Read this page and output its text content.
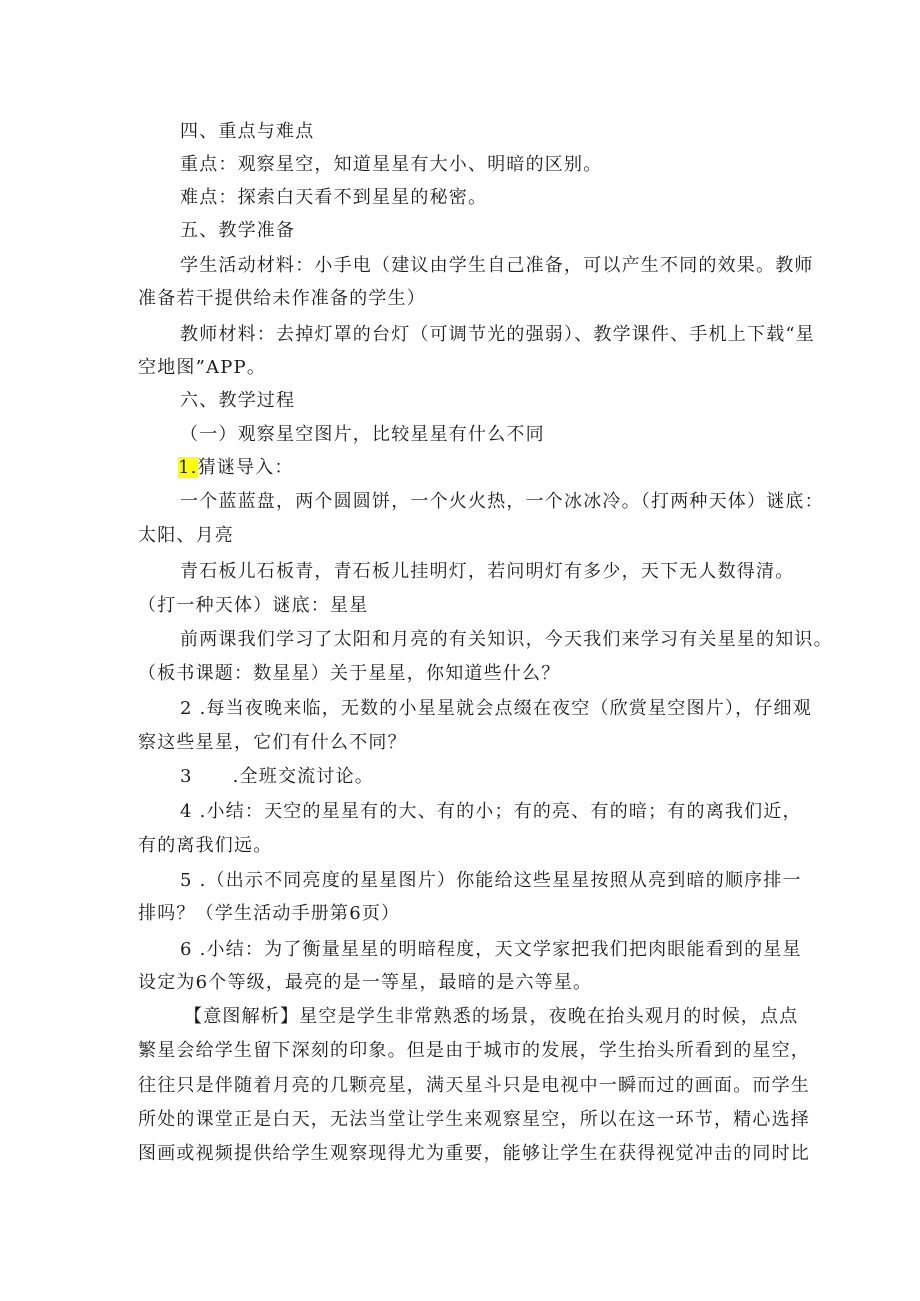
四、重点与难点
重点：观察星空，知道星星有大小、明暗的区别。
难点：探索白天看不到星星的秘密。
五、教学准备
学生活动材料：小手电（建议由学生自己准备，可以产生不同的效果。教师
准备若干提供给未作准备的学生）
教师材料：去掉灯罩的台灯（可调节光的强弱）、教学课件、手机上下载“星
空地图”APP。
六、教学过程
（一）观察星空图片，比较星星有什么不同
1.猜谜导入：
一个蓝蓝盘，两个圆圆饼，一个火火热，一个冰冰冷。（打两种天体）谜底：
太阳、月亮
青石板儿石板青，青石板儿挂明灯，若问明灯有多少，天下无人数得清。
（打一种天体）谜底：星星
前两课我们学习了太阳和月亮的有关知识，今天我们来学习有关星星的知识。
（板书课题：数星星）关于星星，你知道些什么？
2 .每当夜晚来临，无数的小星星就会点缀在夜空（欣赏星空图片），仔细观
察这些星星，它们有什么不同？
3 .全班交流讨论。
4 .小结：天空的星星有的大、有的小；有的亮、有的暗；有的离我们近，
有的离我们远。
5 .（出示不同亮度的星星图片）你能给这些星星按照从亮到暗的顺序排一
排吗？（学生活动手册第6页）
6 .小结：为了衡量星星的明暗程度，天文学家把我们把肉眼能看到的星星
设定为6个等级，最亮的是一等星，最暗的是六等星。
【意图解析】星空是学生非常熟悉的场景，夜晚在抬头观月的时候，点点
繁星会给学生留下深刻的印象。但是由于城市的发展，学生抬头所看到的星空，
往往只是伴随着月亮的几颗亮星，满天星斗只是电视中一瞬而过的画面。而学生
所处的课堂正是白天，无法当堂让学生来观察星空，所以在这一环节，精心选择
图画或视频提供给学生观察现得尤为重要，能够让学生在获得视觉冲击的同时比
